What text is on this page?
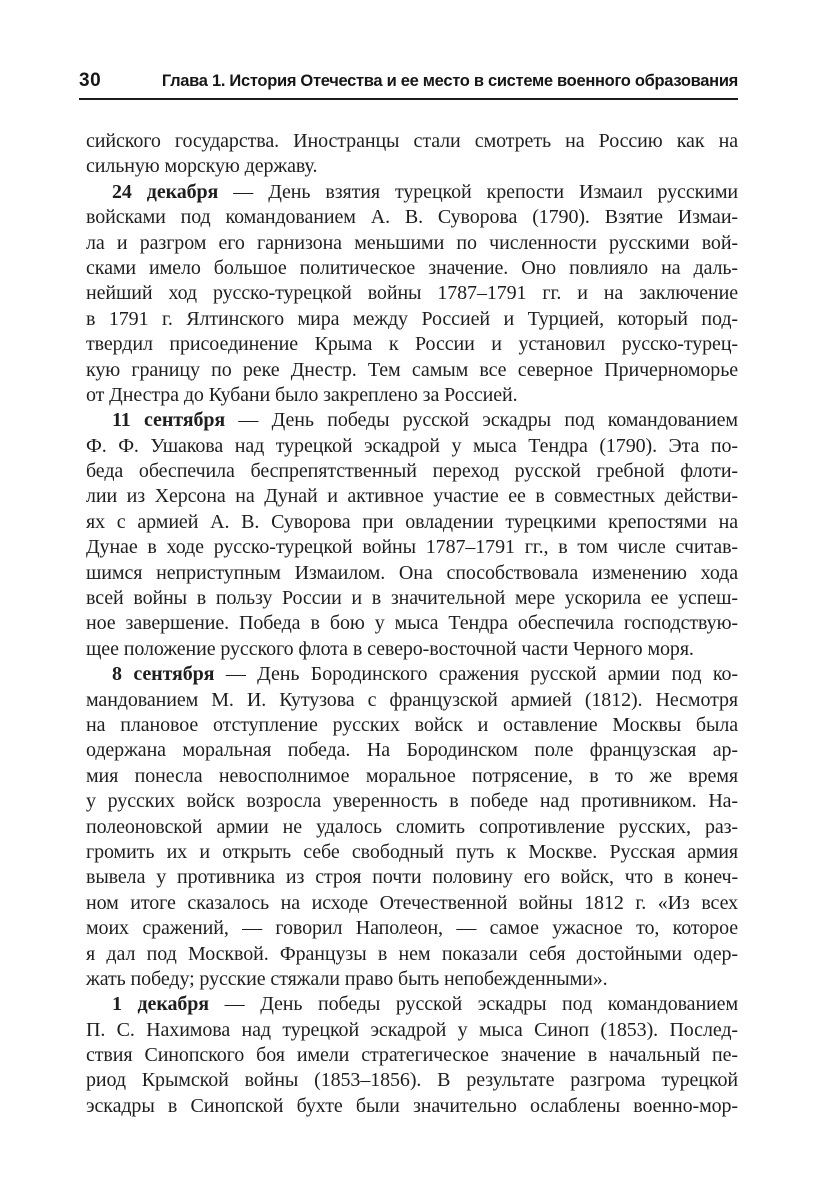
30	Глава 1. История Отечества и ее место в системе военного образования
сийского государства. Иностранцы стали смотреть на Россию как на
сильную морскую державу.
24 декабря — День взятия турецкой крепости Измаил русскими
войсками под командованием А. В. Суворова (1790). Взятие Измаи-
ла и разгром его гарнизона меньшими по численности русскими вой-
сками имело большое политическое значение. Оно повлияло на даль-
нейший ход русско-турецкой войны 1787–1791 гг. и на заключение
в 1791 г. Ялтинского мира между Россией и Турцией, который под-
твердил присоединение Крыма к России и установил русско-турец-
кую границу по реке Днестр. Тем самым все северное Причерноморье
от Днестра до Кубани было закреплено за Россией.
11 сентября — День победы русской эскадры под командованием
Ф. Ф. Ушакова над турецкой эскадрой у мыса Тендра (1790). Эта по-
беда обеспечила беспрепятственный переход русской гребной флоти-
лии из Херсона на Дунай и активное участие ее в совместных действи-
ях с армией А. В. Суворова при овладении турецкими крепостями на
Дунае в ходе русско-турецкой войны 1787–1791 гг., в том числе считав-
шимся неприступным Измаилом. Она способствовала изменению хода
всей войны в пользу России и в значительной мере ускорила ее успеш-
ное завершение. Победа в бою у мыса Тендра обеспечила господствую-
щее положение русского флота в северо-восточной части Черного моря.
8 сентября — День Бородинского сражения русской армии под ко-
мандованием М. И. Кутузова с французской армией (1812). Несмотря
на плановое отступление русских войск и оставление Москвы была
одержана моральная победа. На Бородинском поле французская ар-
мия понесла невосполнимое моральное потрясение, в то же время
у русских войск возросла уверенность в победе над противником. На-
полеоновской армии не удалось сломить сопротивление русских, раз-
громить их и открыть себе свободный путь к Москве. Русская армия
вывела у противника из строя почти половину его войск, что в конеч-
ном итоге сказалось на исходе Отечественной войны 1812 г. «Из всех
моих сражений, — говорил Наполеон, — самое ужасное то, которое
я дал под Москвой. Французы в нем показали себя достойными одер-
жать победу; русские стяжали право быть непобежденными».
1 декабря — День победы русской эскадры под командованием
П. С. Нахимова над турецкой эскадрой у мыса Синоп (1853). Послед-
ствия Синопского боя имели стратегическое значение в начальный пе-
риод Крымской войны (1853–1856). В результате разгрома турецкой
эскадры в Синопской бухте были значительно ослаблены военно-мор-
